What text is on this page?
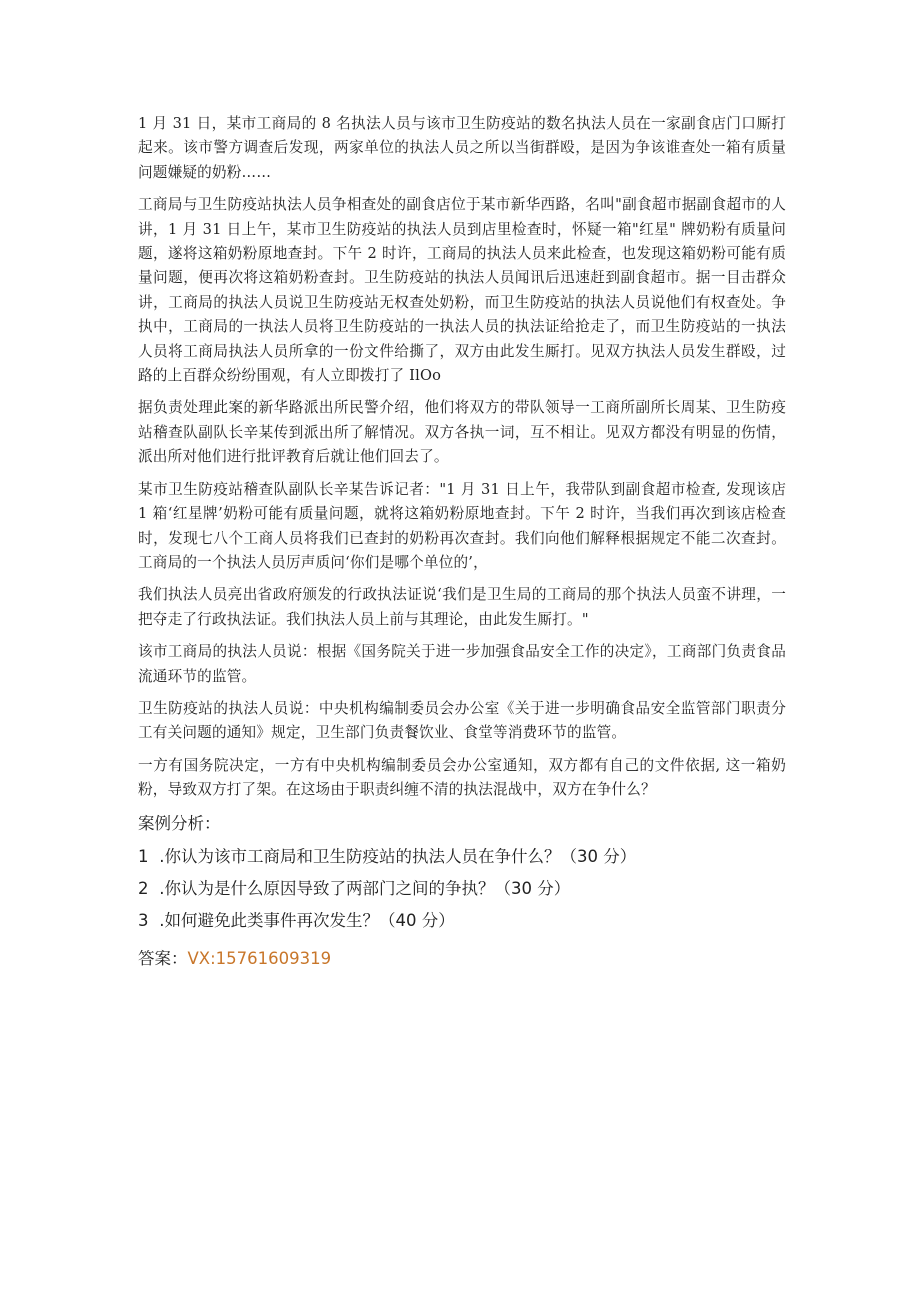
1 月 31 日，某市工商局的 8 名执法人员与该市卫生防疫站的数名执法人员在一家副食店门口厮打起来。该市警方调查后发现，两家单位的执法人员之所以当街群殴，是因为争该谁查处一箱有质量问题嫌疑的奶粉……

工商局与卫生防疫站执法人员争相查处的副食店位于某市新华西路，名叫"副食超市据副食超市的人讲，1 月 31 日上午，某市卫生防疫站的执法人员到店里检查时，怀疑一箱"红星" 牌奶粉有质量问题，遂将这箱奶粉原地查封。下午 2 时许，工商局的执法人员来此检查，也发现这箱奶粉可能有质量问题，便再次将这箱奶粉查封。卫生防疫站的执法人员闻讯后迅速赶到副食超市。据一目击群众讲，工商局的执法人员说卫生防疫站无权查处奶粉，而卫生防疫站的执法人员说他们有权查处。争执中，工商局的一执法人员将卫生防疫站的一执法人员的执法证给抢走了，而卫生防疫站的一执法人员将工商局执法人员所拿的一份文件给撕了，双方由此发生厮打。见双方执法人员发生群殴，过路的上百群众纷纷围观，有人立即拨打了 IlOo

据负责处理此案的新华路派出所民警介绍，他们将双方的带队领导一工商所副所长周某、卫生防疫站稽查队副队长辛某传到派出所了解情况。双方各执一词，互不相让。见双方都没有明显的伤情，派出所对他们进行批评教育后就让他们回去了。

某市卫生防疫站稽查队副队长辛某告诉记者："1 月 31 日上午，我带队到副食超市检查, 发现该店 1 箱‘红星牌’奶粉可能有质量问题，就将这箱奶粉原地查封。下午 2 时许，当我们再次到该店检查时，发现七八个工商人员将我们已查封的奶粉再次查封。我们向他们解释根据规定不能二次查封。工商局的一个执法人员厉声质问‘你们是哪个单位的’，

我们执法人员亮出省政府颁发的行政执法证说‘我们是卫生局的工商局的那个执法人员蛮不讲理，一把夺走了行政执法证。我们执法人员上前与其理论，由此发生厮打。"

该市工商局的执法人员说：根据《国务院关于进一步加强食品安全工作的决定》，工商部门负责食品流通环节的监管。

卫生防疫站的执法人员说：中央机构编制委员会办公室《关于进一步明确食品安全监管部门职责分工有关问题的通知》规定，卫生部门负责餐饮业、食堂等消费环节的监管。

一方有国务院决定，一方有中央机构编制委员会办公室通知，双方都有自己的文件依据, 这一箱奶粉，导致双方打了架。在这场由于职责纠缠不清的执法混战中，双方在争什么？

案例分析：
1 .你认为该市工商局和卫生防疫站的执法人员在争什么？（30 分）
2 .你认为是什么原因导致了两部门之间的争执？（30 分）
3 .如何避免此类事件再次发生？（40 分）
答案：VX:15761609319
